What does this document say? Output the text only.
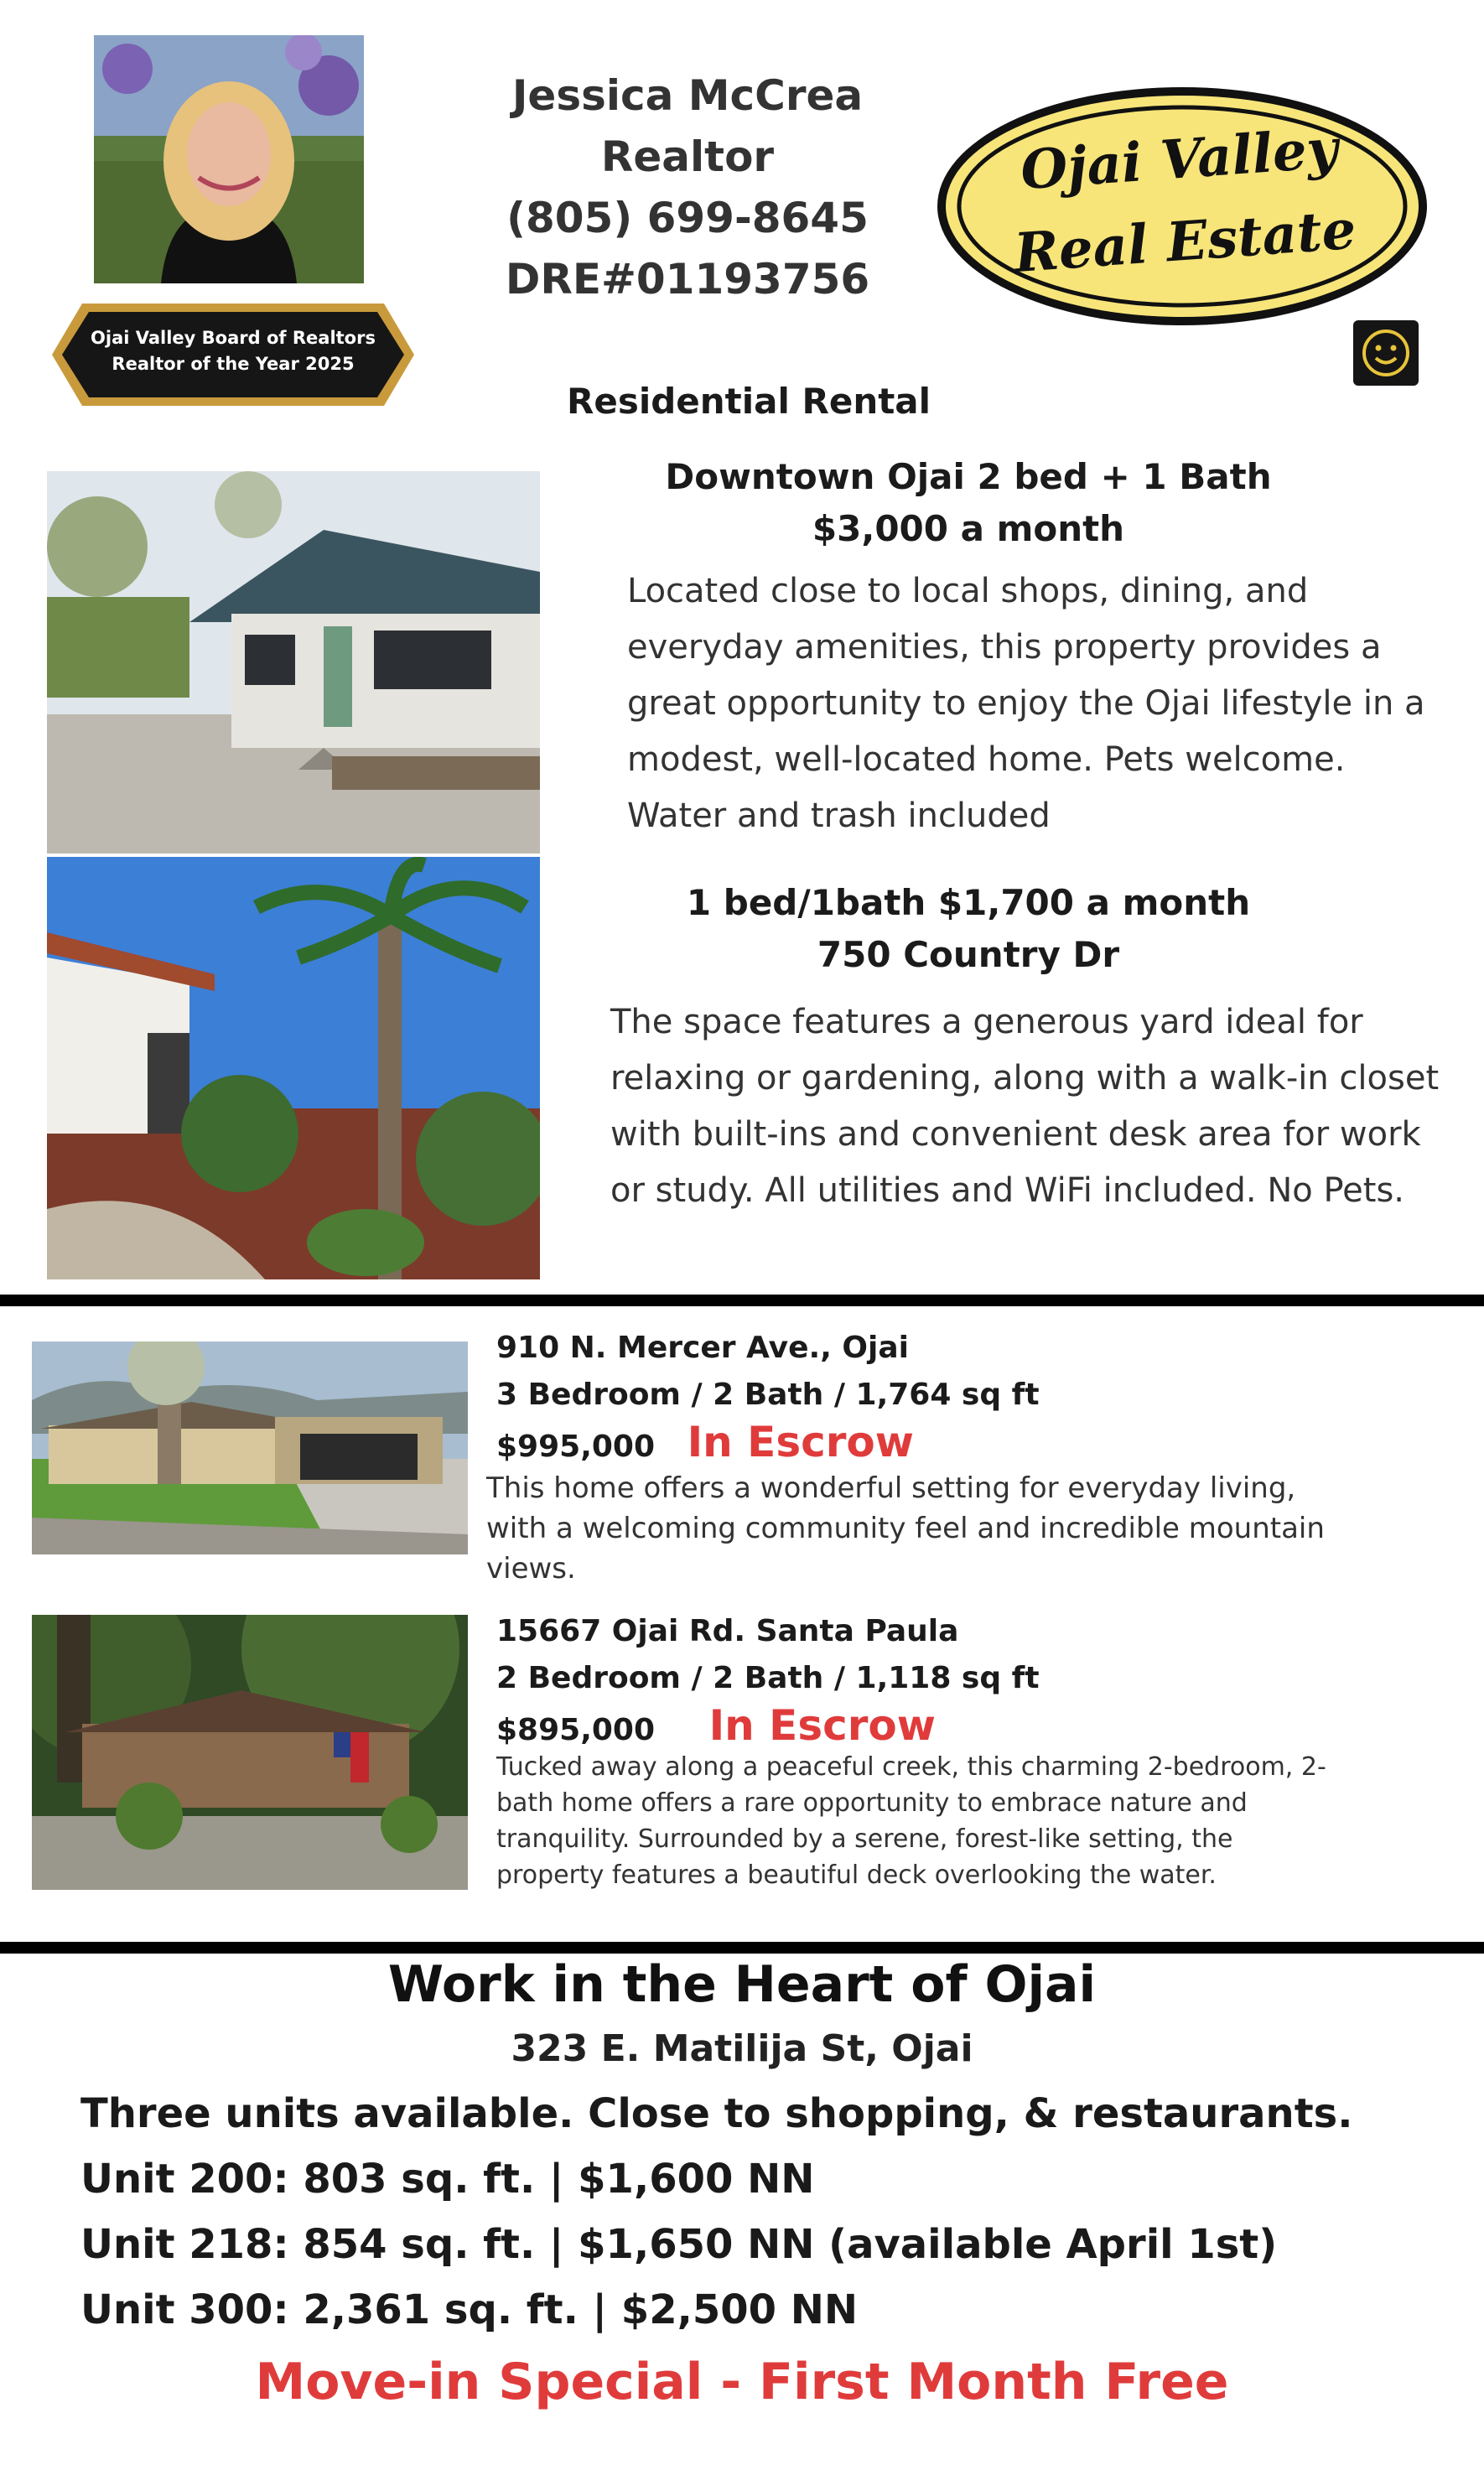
Ojai Valley Board of Realtors
Realtor of the Year 2025
Jessica McCrea
Realtor
(805) 699-8645
DRE#01193756
Ojai Valley
Real Estate
Residential Rental
Downtown Ojai 2 bed + 1 Bath
$3,000 a month
Located close to local shops, dining, and
everyday amenities, this property provides a
great opportunity to enjoy the Ojai lifestyle in a
modest, well-located home. Pets welcome.
Water and trash included
1 bed/1bath $1,700 a month
750 Country Dr
The space features a generous yard ideal for
relaxing or gardening, along with a walk-in closet
with built-ins and convenient desk area for work
or study. All utilities and WiFi included. No Pets.
910 N. Mercer Ave., Ojai
3 Bedroom / 2 Bath / 1,764 sq ft
$995,000 In Escrow
This home offers a wonderful setting for everyday living,
with a welcoming community feel and incredible mountain
views.
15667 Ojai Rd. Santa Paula
2 Bedroom / 2 Bath / 1,118 sq ft
$895,000 In Escrow
Tucked away along a peaceful creek, this charming 2-bedroom, 2-
bath home offers a rare opportunity to embrace nature and
tranquility. Surrounded by a serene, forest-like setting, the
property features a beautiful deck overlooking the water.
Work in the Heart of Ojai
323 E. Matilija St, Ojai
Three units available. Close to shopping, & restaurants.
Unit 200: 803 sq. ft. | $1,600 NN
Unit 218: 854 sq. ft. | $1,650 NN (available April 1st)
Unit 300: 2,361 sq. ft. | $2,500 NN
Move-in Special - First Month Free
